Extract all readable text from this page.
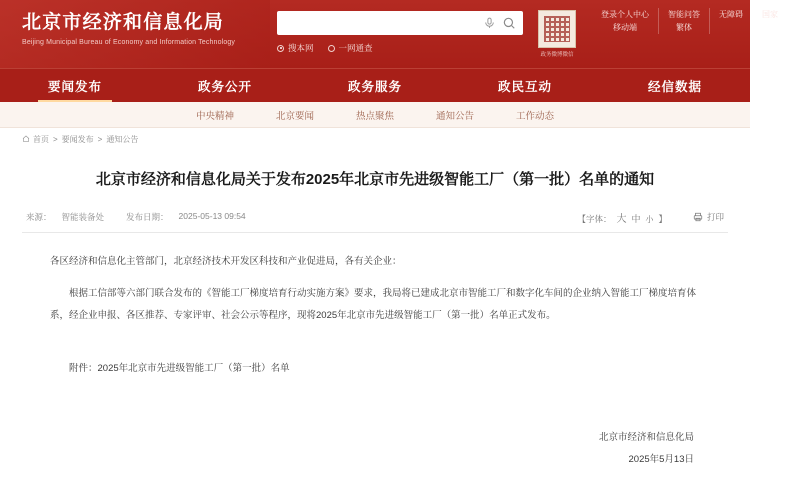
北京市经济和信息化局
Beijing Municipal Bureau of Economy and Information Technology
搜本网	一网通查
政务微博微信
登录个人中心
移动端
智能问答
繁体
无障碍 国家
要闻发布	政务公开	政务服务	政民互动	经信数据
中央精神	北京要闻	热点聚焦	通知公告	工作动态
首页 > 要闻发布 > 通知公告
北京市经济和信息化局关于发布2025年北京市先进级智能工厂（第一批）名单的通知
来源： 智能装备处	发布日期： 2025-05-13 09:54	【字体： 大 中 小 】	打印

各区经济和信息化主管部门，北京经济技术开发区科技和产业促进局，各有关企业：

根据工信部等六部门联合发布的《智能工厂梯度培育行动实施方案》要求，我局将已建成北京市智能工厂和数字化车间的企业纳入智能工厂梯度培育体系，经企业申报、各区推荐、专家评审、社会公示等程序，现将2025年北京市先进级智能工厂（第一批）名单正式发布。

附件：2025年北京市先进级智能工厂（第一批）名单
北京市经济和信息化局
2025年5月13日
